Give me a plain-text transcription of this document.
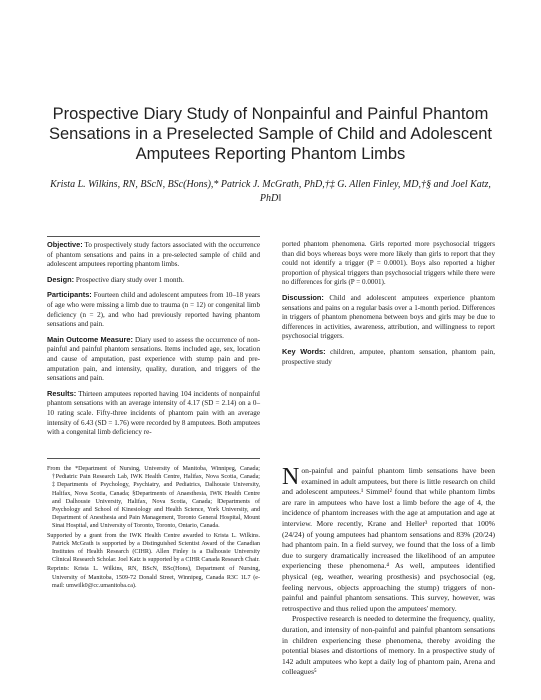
Prospective Diary Study of Nonpainful and Painful Phantom Sensations in a Preselected Sample of Child and Adolescent Amputees Reporting Phantom Limbs
Krista L. Wilkins, RN, BScN, BSc(Hons),* Patrick J. McGrath, PhD,†‡ G. Allen Finley, MD,†§ and Joel Katz, PhD‖

Objective: To prospectively study factors associated with the occurrence of phantom sensations and pains in a pre-selected sample of child and adolescent amputees reporting phantom limbs.

Design: Prospective diary study over 1 month.

Participants: Fourteen child and adolescent amputees from 10–18 years of age who were missing a limb due to trauma (n = 12) or congenital limb deficiency (n = 2), and who had previously reported having phantom sensations and pain.

Main Outcome Measure: Diary used to assess the occurrence of non-painful and painful phantom sensations. Items included age, sex, location and cause of amputation, past experience with stump pain and pre-amputation pain, and intensity, quality, duration, and triggers of the sensations and pain.

Results: Thirteen amputees reported having 104 incidents of nonpainful phantom sensations with an average intensity of 4.17 (SD = 2.14) on a 0–10 rating scale. Fifty-three incidents of phantom pain with an average intensity of 6.43 (SD = 1.76) were recorded by 8 amputees. Both amputees with a congenital limb deficiency re-

ported phantom phenomena. Girls reported more psychosocial triggers than did boys whereas boys were more likely than girls to report that they could not identify a trigger (P = 0.0001). Boys also reported a higher proportion of physical triggers than psychosocial triggers while there were no differences for girls (P = 0.0001).

Discussion: Child and adolescent amputees experience phantom sensations and pains on a regular basis over a 1-month period. Differences in triggers of phantom phenomena between boys and girls may be due to differences in activities, awareness, attribution, and willingness to report psychosocial triggers.

Key Words: children, amputee, phantom sensation, phantom pain, prospective study

From the *Department of Nursing, University of Manitoba, Winnipeg, Canada; †Pediatric Pain Research Lab, IWK Health Centre, Halifax, Nova Scotia, Canada; ‡Departments of Psychology, Psychiatry, and Pediatrics, Dalhousie University, Halifax, Nova Scotia, Canada; §Departments of Anaesthesia, IWK Health Centre and Dalhousie University, Halifax, Nova Scotia, Canada; ‖Departments of Psychology and School of Kinesiology and Health Science, York University, and Department of Anesthesia and Pain Management, Toronto General Hospital, Mount Sinai Hospital, and University of Toronto, Toronto, Ontario, Canada.

Supported by a grant from the IWK Health Centre awarded to Krista L. Wilkins. Patrick McGrath is supported by a Distinguished Scientist Award of the Canadian Institutes of Health Research (CIHR). Allen Finley is a Dalhousie University Clinical Research Scholar. Joel Katz is supported by a CIHR Canada Research Chair.

Reprints: Krista L. Wilkins, RN, BScN, BSc(Hons), Department of Nursing, University of Manitoba, 1509-72 Donald Street, Winnipeg, Canada R3C 1L7 (e-mail: umwilk0@cc.umanitoba.ca).

Non-painful and painful phantom limb sensations have been examined in adult amputees, but there is little research on child and adolescent amputees.¹ Simmel² found that while phantom limbs are rare in amputees who have lost a limb before the age of 4, the incidence of phantom increases with the age at amputation and age at interview. More recently, Krane and Heller³ reported that 100% (24/24) of young amputees had phantom sensations and 83% (20/24) had phantom pain. In a field survey, we found that the loss of a limb due to surgery dramatically increased the likelihood of an amputee experiencing these phenomena.⁴ As well, amputees identified physical (eg, weather, wearing prosthesis) and psychosocial (eg, feeling nervous, objects approaching the stump) triggers of non-painful and painful phantom sensations. This survey, however, was retrospective and thus relied upon the amputees' memory.

Prospective research is needed to determine the frequency, quality, duration, and intensity of non-painful and painful phantom sensations in children experiencing these phenomena, thereby avoiding the potential biases and distortions of memory. In a prospective study of 142 adult amputees who kept a daily log of phantom pain, Arena and colleagues⁵
